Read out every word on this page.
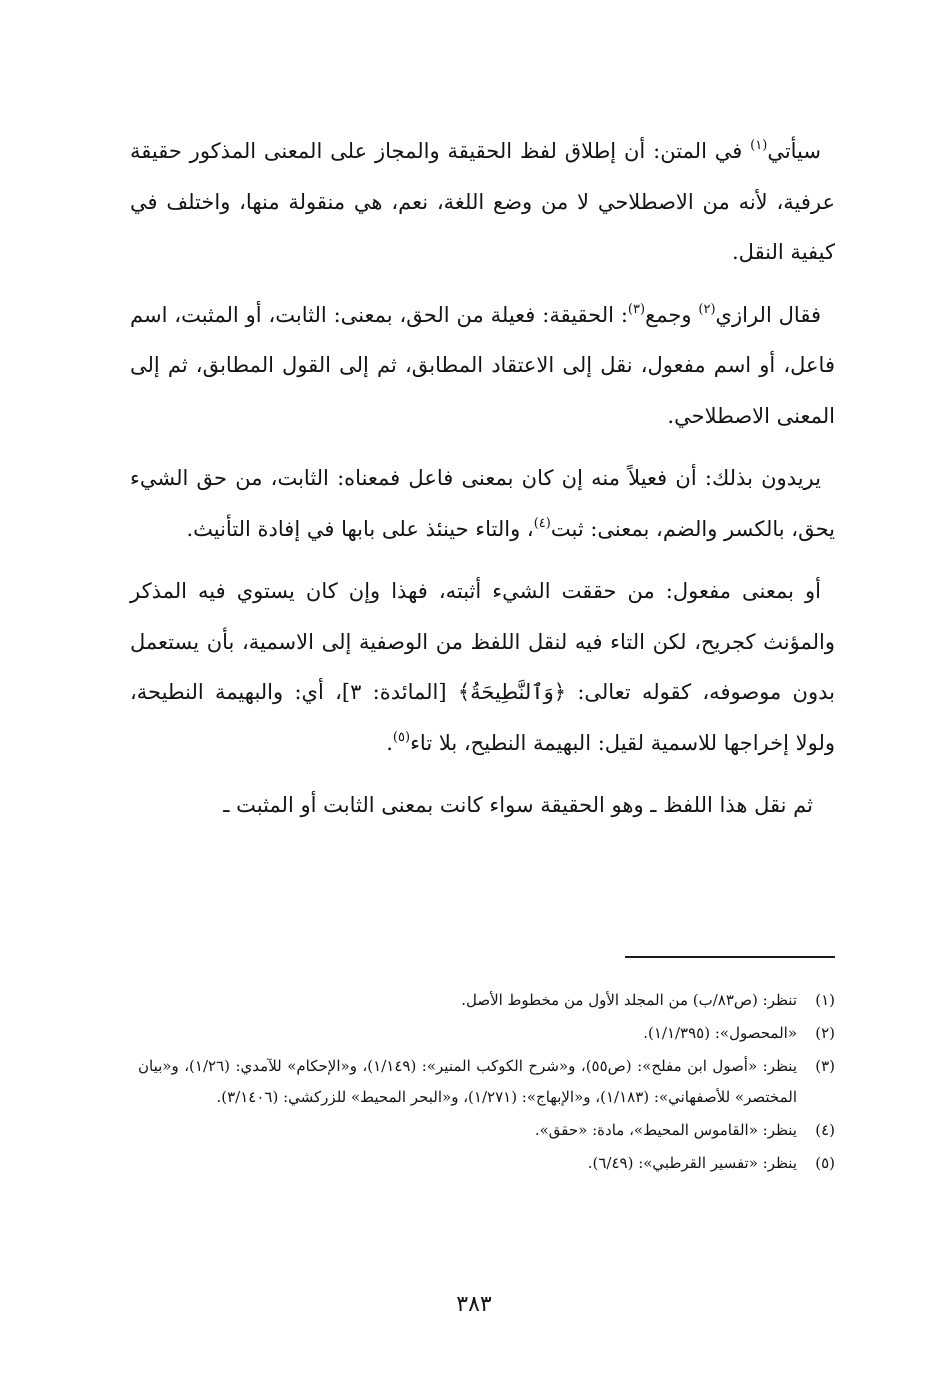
سيأتي$^{(١)}$ في المتن: أن إطلاق لفظ الحقيقة والمجاز على المعنى المذكور حقيقة عرفية، لأنه من الاصطلاحي لا من وضع اللغة، نعم، هي منقولة منها، واختلف في كيفية النقل.

فقال الرازي$^{(٢)}$ وجمع$^{(٣)}$: الحقيقة: فعيلة من الحق، بمعنى: الثابت، أو المثبت، اسم فاعل، أو اسم مفعول، نقل إلى الاعتقاد المطابق، ثم إلى القول المطابق، ثم إلى المعنى الاصطلاحي.

يريدون بذلك: أن فعيلاً منه إن كان بمعنى فاعل فمعناه: الثابت، من حق الشيء يحق، بالكسر والضم، بمعنى: ثبت$^{(٤)}$، والتاء حينئذ على بابها في إفادة التأنيث.

أو بمعنى مفعول: من حققت الشيء أثبته، فهذا وإن كان يستوي فيه المذكر والمؤنث كجريح، لكن التاء فيه لنقل اللفظ من الوصفية إلى الاسمية، بأن يستعمل بدون موصوفه، كقوله تعالى: ﴿وَٱلنَّطِيحَةُ﴾ [المائدة: ٣]، أي: والبهيمة النطيحة، ولولا إخراجها للاسمية لقيل: البهيمة النطيح، بلا تاء$^{(٥)}$.

ثم نقل هذا اللفظ ـ وهو الحقيقة سواء كانت بمعنى الثابت أو المثبت ـ

(١)
تنظر: (ص٨٣/ب) من المجلد الأول من مخطوط الأصل.
(٢)
«المحصول»: (١/١/٣٩٥).
(٣)
ينظر: «أصول ابن مفلح»: (ص٥٥)، و«شرح الكوكب المنير»: (١/١٤٩)، و«الإحكام» للآمدي: (١/٢٦)، و«بيان المختصر» للأصفهاني»: (١/١٨٣)، و«الإبهاج»: (١/٢٧١)، و«البحر المحيط» للزركشي: (٣/١٤٠٦).
(٤)
ينظر: «القاموس المحيط»، مادة: «حقق».
(٥)
ينظر: «تفسير القرطبي»: (٦/٤٩).
٣٨٣
